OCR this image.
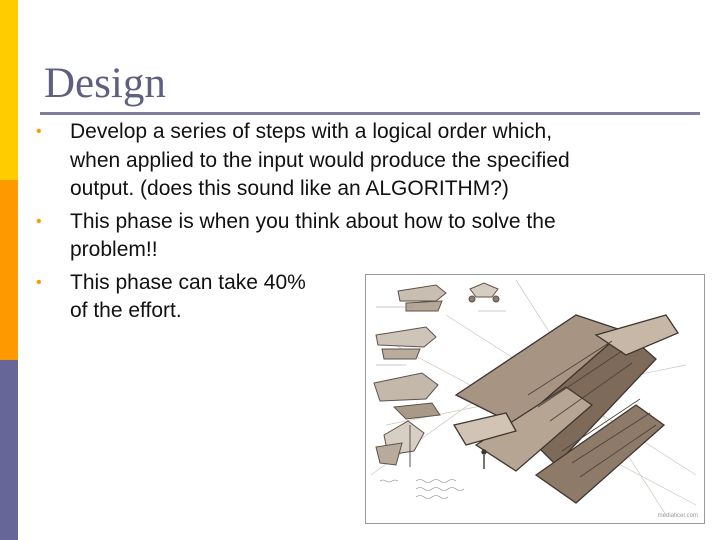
Design
• Develop a series of steps with a logical order which, when applied to the input would produce the specified output. (does this sound like an ALGORITHM?)
• This phase is when you think about how to solve the problem!!
• This phase can take 40% of the effort.
mediaticer.com
